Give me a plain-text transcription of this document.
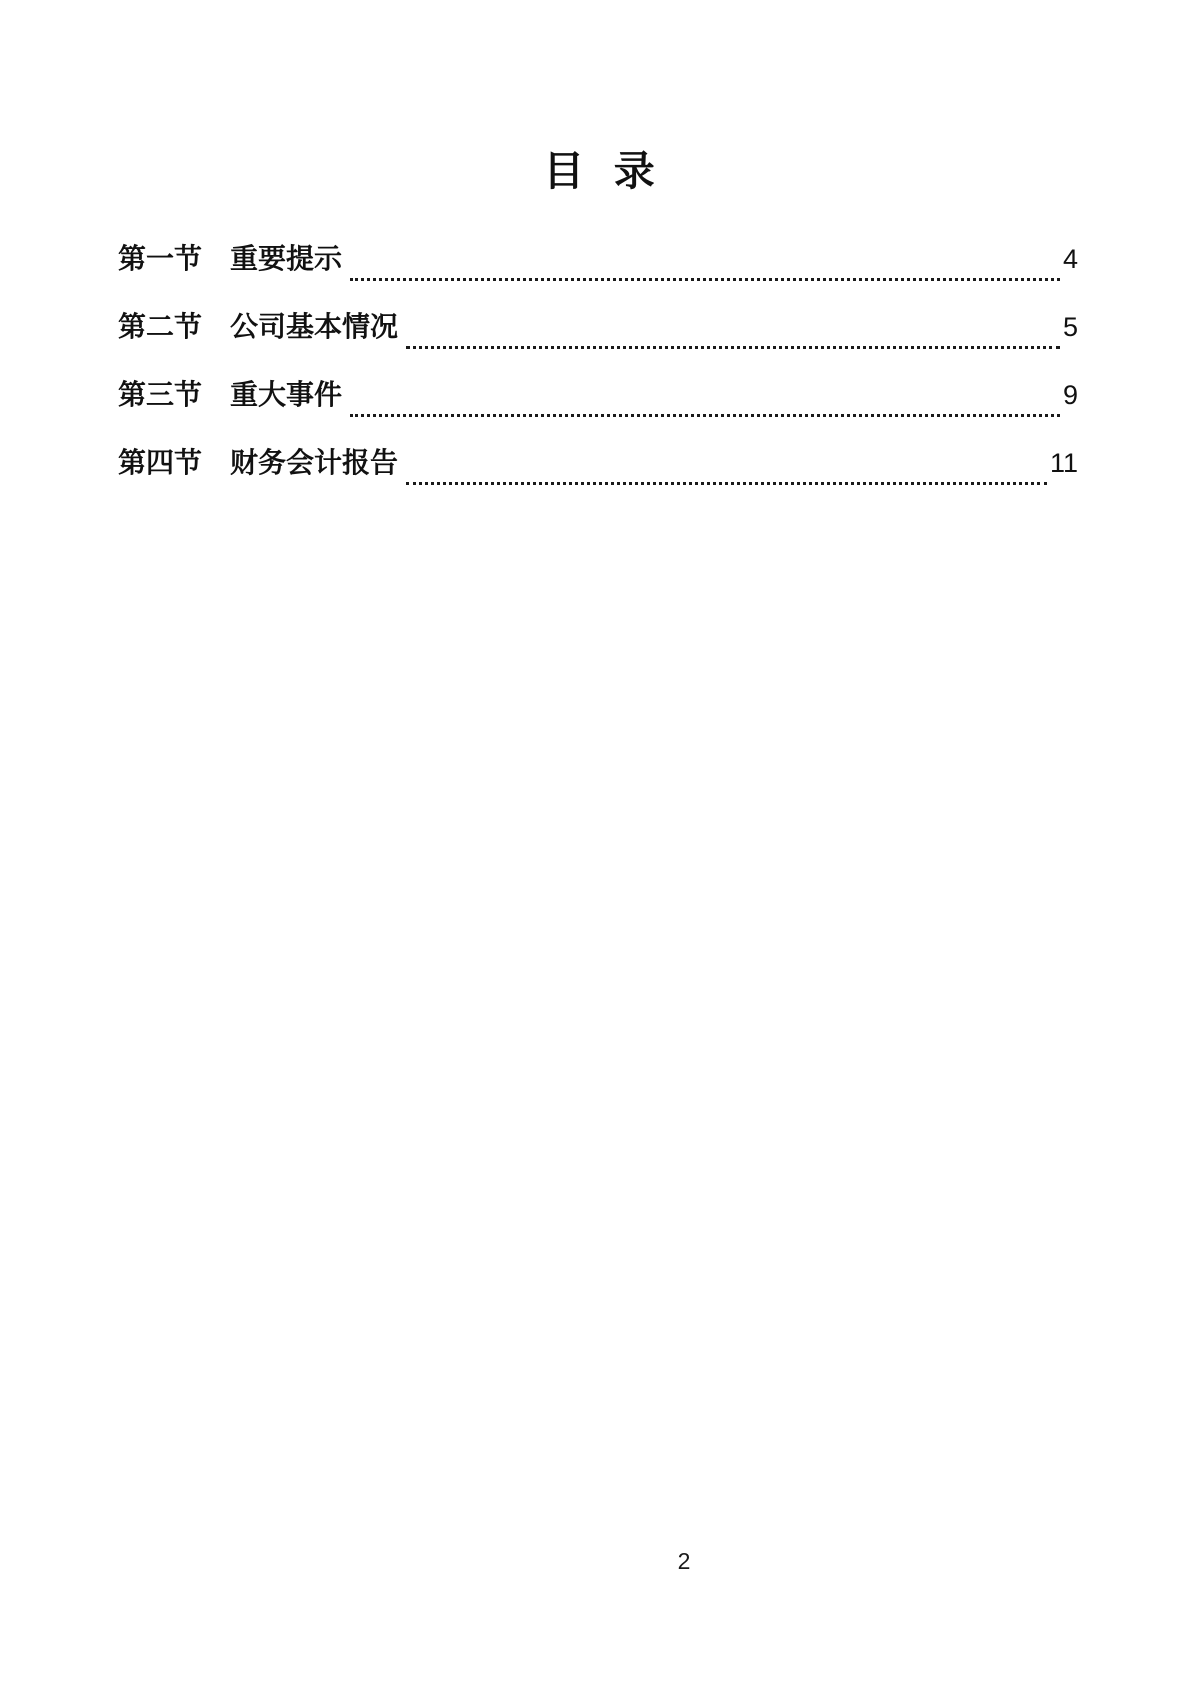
目 录
第一节 重要提示	4
第二节 公司基本情况	5
第三节 重大事件	9
第四节 财务会计报告	11
2
